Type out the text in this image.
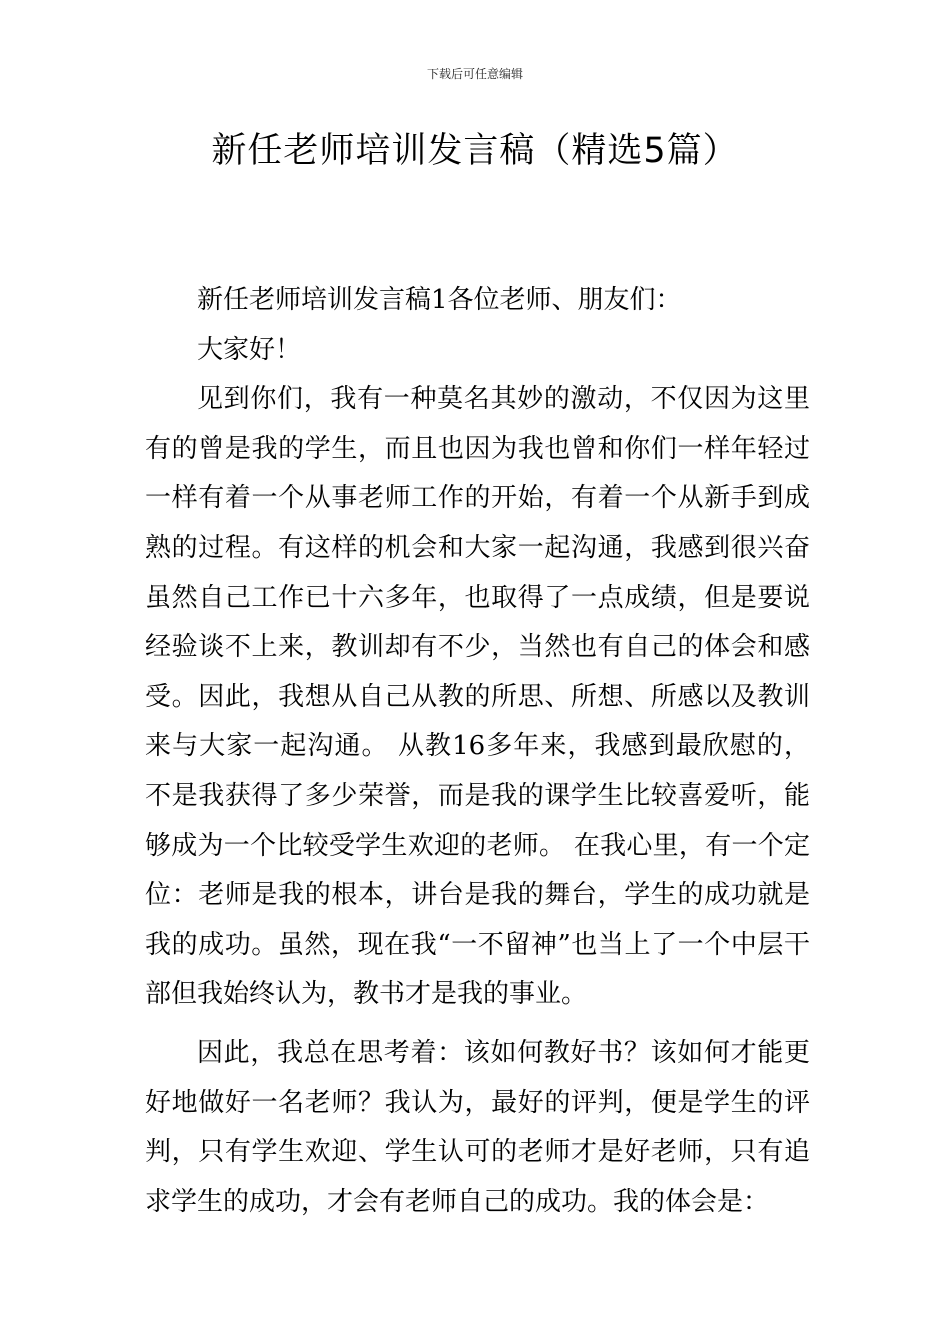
下载后可任意编辑
新任老师培训发言稿（精选5篇）

新任老师培训发言稿1各位老师、朋友们：

大家好！

见到你们，我有一种莫名其妙的激动，不仅因为这里有的曾是我的学生，而且也因为我也曾和你们一样年轻过一样有着一个从事老师工作的开始，有着一个从新手到成熟的过程。有这样的机会和大家一起沟通，我感到很兴奋虽然自己工作已十六多年，也取得了一点成绩，但是要说经验谈不上来，教训却有不少，当然也有自己的体会和感受。因此，我想从自己从教的所思、所想、所感以及教训来与大家一起沟通。 从教16多年来，我感到最欣慰的，不是我获得了多少荣誉，而是我的课学生比较喜爱听，能够成为一个比较受学生欢迎的老师。 在我心里，有一个定位：老师是我的根本，讲台是我的舞台，学生的成功就是我的成功。虽然，现在我“一不留神”也当上了一个中层干部但我始终认为，教书才是我的事业。

因此，我总在思考着：该如何教好书？该如何才能更好地做好一名老师？我认为，最好的评判，便是学生的评判，只有学生欢迎、学生认可的老师才是好老师，只有追求学生的成功，才会有老师自己的成功。我的体会是：
